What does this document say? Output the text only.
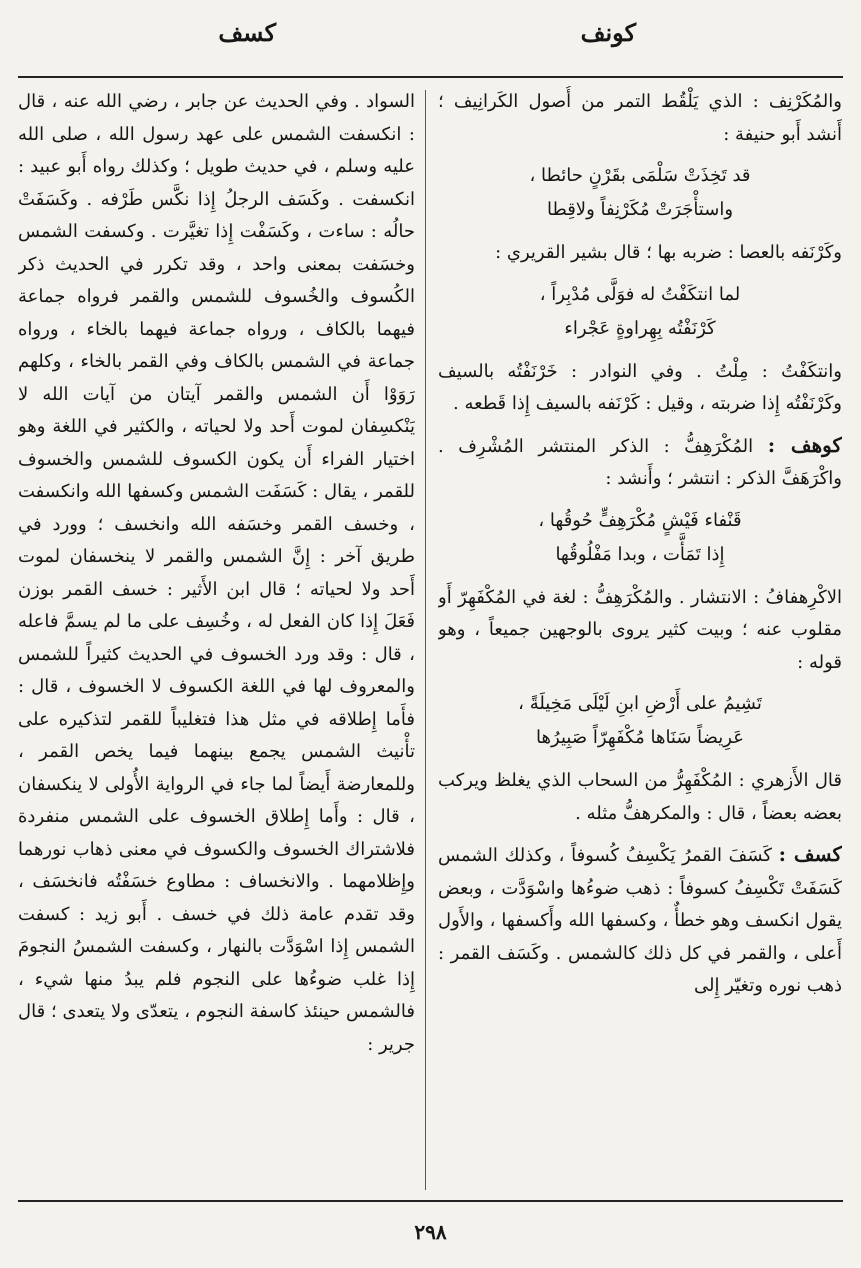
كونف
كسف

والمُكَرْنِف : الذي يَلْقُط التمر من أُصول الكَرانِيف ؛ أَنشد أَبو حنيفة :

قد تَخِذَتْ سَلْمَى بقَرْنٍ حائطا ،
واستأْجَرَتْ مُكَرْنِفاً ولاقِطا

وكَرْنَفه بالعصا : ضربه بها ؛ قال بشير القريري :

لما انتكَفْتُ له فوَلَّى مُدْبِراً ،
كَرْنَفْتُه بِهِراوةٍ عَجْراء

وانتكَفْتُ : مِلْتُ . وفي النوادر : خَرْنَفْتُه بالسيف وكَرْنَفْتُه إِذا ضربته ، وقيل : كَرْنَفه بالسيف إِذا قَطعه .

كوهف : المُكْرَهِفُّ : الذكر المنتشر المُشْرِف . واكْرَهَفَّ الذكر : انتشر ؛ وأَنشد :

قَنْفاء فَيْشٍ مُكْرَهِفٍّ حُوقُها ،
إِذا تَمَأَّت ، وبدا مَفْلُوقُها

الاكْرِهفافُ : الانتشار . والمُكْرَهِفُّ : لغة في المُكْفَهِرّ أَو مقلوب عنه ؛ وبيت كثير يروى بالوجهين جميعاً ، وهو قوله :

تَشِيمُ على أَرْضِ ابنِ لَيْلَى مَخِيلَةً ،
عَرِيضاً سَنَاها مُكْفَهِرّاً صَبِيرُها

قال الأَزهري : المُكْفَهِرُّ من السحاب الذي يغلظ ويركب بعضه بعضاً ، قال : والمكرهفُّ مثله .

كسف : كَسَفَ القمرُ يَكْسِفُ كُسوفاً ، وكذلك الشمس كَسَفَتْ تَكْسِفُ كسوفاً : ذهب ضوءُها واسْوَدَّت ، وبعض يقول انكسف وهو خطأٌ ، وكسفها الله وأَكسفها ، والأَول أَعلى ، والقمر في كل ذلك كالشمس . وكَسَف القمر : ذهب نوره وتغيّر إِلى

السواد . وفي الحديث عن جابر ، رضي الله عنه ، قال : انكسفت الشمس على عهد رسول الله ، صلى الله عليه وسلم ، في حديث طويل ؛ وكذلك رواه أَبو عبيد : انكسفت . وكَسَف الرجلُ إِذا نكَّس طَرْفه . وكَسَفَتْ حالُه : ساءت ، وكَسَفْت إِذا تغيَّرت . وكسفت الشمس وخسَفت بمعنى واحد ، وقد تكرر في الحديث ذكر الكُسوف والخُسوف للشمس والقمر فرواه جماعة فيهما بالكاف ، ورواه جماعة فيهما بالخاء ، ورواه جماعة في الشمس بالكاف وفي القمر بالخاء ، وكلهم رَوَوْا أَن الشمس والقمر آيتان من آيات الله لا يَنْكسِفان لموت أَحد ولا لحياته ، والكثير في اللغة وهو اختيار الفراء أَن يكون الكسوف للشمس والخسوف للقمر ، يقال : كَسَفَت الشمس وكسفها الله وانكسفت ، وخسف القمر وخسَفه الله وانخسف ؛ وورد في طريق آخر : إِنَّ الشمس والقمر لا ينخسفان لموت أَحد ولا لحياته ؛ قال ابن الأَثير : خسف القمر بوزن فَعَلَ إِذا كان الفعل له ، وخُسِف على ما لم يسمَّ فاعله ، قال : وقد ورد الخسوف في الحديث كثيراً للشمس والمعروف لها في اللغة الكسوف لا الخسوف ، قال : فأَما إِطلاقه في مثل هذا فتغليباً للقمر لتذكيره على تأْنيث الشمس يجمع بينهما فيما يخص القمر ، وللمعارضة أَيضاً لما جاء في الرواية الأُولى لا ينكسفان ، قال : وأَما إِطلاق الخسوف على الشمس منفردة فلاشتراك الخسوف والكسوف في معنى ذهاب نورهما وإِظلامهما . والانخساف : مطاوع خسَفْتُه فانخسَف ، وقد تقدم عامة ذلك في خسف . أَبو زيد : كسفت الشمس إِذا اسْوَدَّت بالنهار ، وكسفت الشمسُ النجومَ إِذا غلب ضوءُها على النجوم فلم يبدُ منها شيء ، فالشمس حينئذ كاسفة النجوم ، يتعدّى ولا يتعدى ؛ قال جرير :

٢٩٨
